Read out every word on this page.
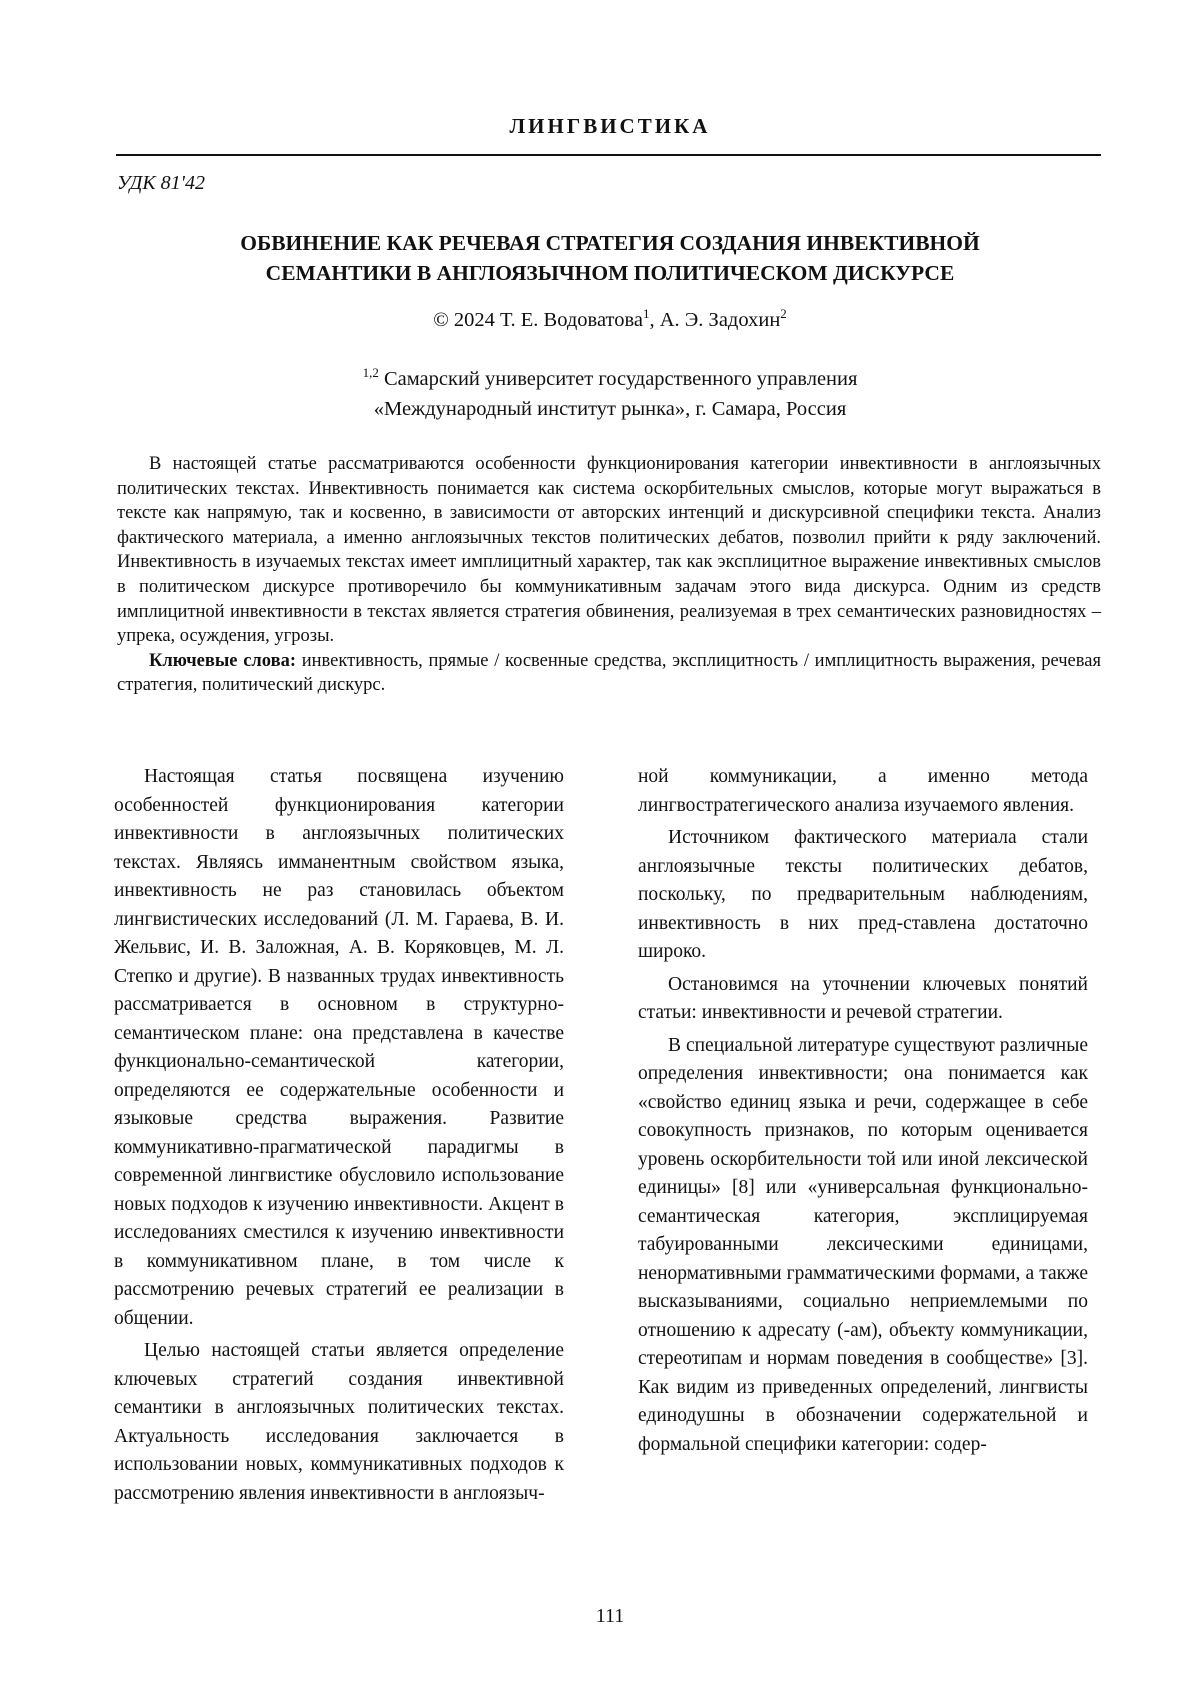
ЛИНГВИСТИКА
УДК 81'42
ОБВИНЕНИЕ КАК РЕЧЕВАЯ СТРАТЕГИЯ СОЗДАНИЯ ИНВЕКТИВНОЙ
СЕМАНТИКИ В АНГЛОЯЗЫЧНОМ ПОЛИТИЧЕСКОМ ДИСКУРСЕ
© 2024 Т. Е. Водоватова$^1$, А. Э. Задохин$^2$
$^{1,2}$ Самарский университет государственного управления
«Международный институт рынка», г. Самара, Россия

В настоящей статье рассматриваются особенности функционирования категории инвективности в англоязычных политических текстах. Инвективность понимается как система оскорбительных смыслов, которые могут выражаться в тексте как напрямую, так и косвенно, в зависимости от авторских интенций и дискурсивной специфики текста. Анализ фактического материала, а именно англоязычных текстов политических дебатов, позволил прийти к ряду заключений. Инвективность в изучаемых текстах имеет имплицитный характер, так как эксплицитное выражение инвективных смыслов в политическом дискурсе противоречило бы коммуникативным задачам этого вида дискурса. Одним из средств имплицитной инвективности в текстах является стратегия обвинения, реализуемая в трех семантических разновидностях – упрека, осуждения, угрозы.

Ключевые слова: инвективность, прямые / косвенные средства, эксплицитность / имплицитность выражения, речевая стратегия, политический дискурс.

Настоящая статья посвящена изучению особенностей функционирования категории инвективности в англоязычных политических текстах. Являясь имманентным свойством языка, инвективность не раз становилась объектом лингвистических исследований (Л. М. Гараева, В. И. Жельвис, И. В. Заложная, А. В. Коряковцев, М. Л. Степко и другие). В названных трудах инвективность рассматривается в основном в структурно-семантическом плане: она представлена в качестве функционально-семантической категории, определяются ее содержательные особенности и языковые средства выражения. Развитие коммуникативно-прагматической парадигмы в современной лингвистике обусловило использование новых подходов к изучению инвективности. Акцент в исследованиях сместился к изучению инвективности в коммуникативном плане, в том числе к рассмотрению речевых стратегий ее реализации в общении.

Целью настоящей статьи является определение ключевых стратегий создания инвективной семантики в англоязычных политических текстах. Актуальность исследования заключается в использовании новых, коммуникативных подходов к рассмотрению явления инвективности в англоязыч-

ной коммуникации, а именно метода лингвостратегического анализа изучаемого явления.

Источником фактического материала стали англоязычные тексты политических дебатов, поскольку, по предварительным наблюдениям, инвективность в них пред-ставлена достаточно широко.

Остановимся на уточнении ключевых понятий статьи: инвективности и речевой стратегии.

В специальной литературе существуют различные определения инвективности; она понимается как «свойство единиц языка и речи, содержащее в себе совокупность признаков, по которым оценивается уровень оскорбительности той или иной лексической единицы» [8] или «универсальная функционально-семантическая категория, эксплицируемая табуированными лексическими единицами, ненормативными грамматическими формами, а также высказываниями, социально неприемлемыми по отношению к адресату (-ам), объекту коммуникации, стереотипам и нормам поведения в сообществе» [3]. Как видим из приведенных определений, лингвисты единодушны в обозначении содержательной и формальной специфики категории: содер-

111
